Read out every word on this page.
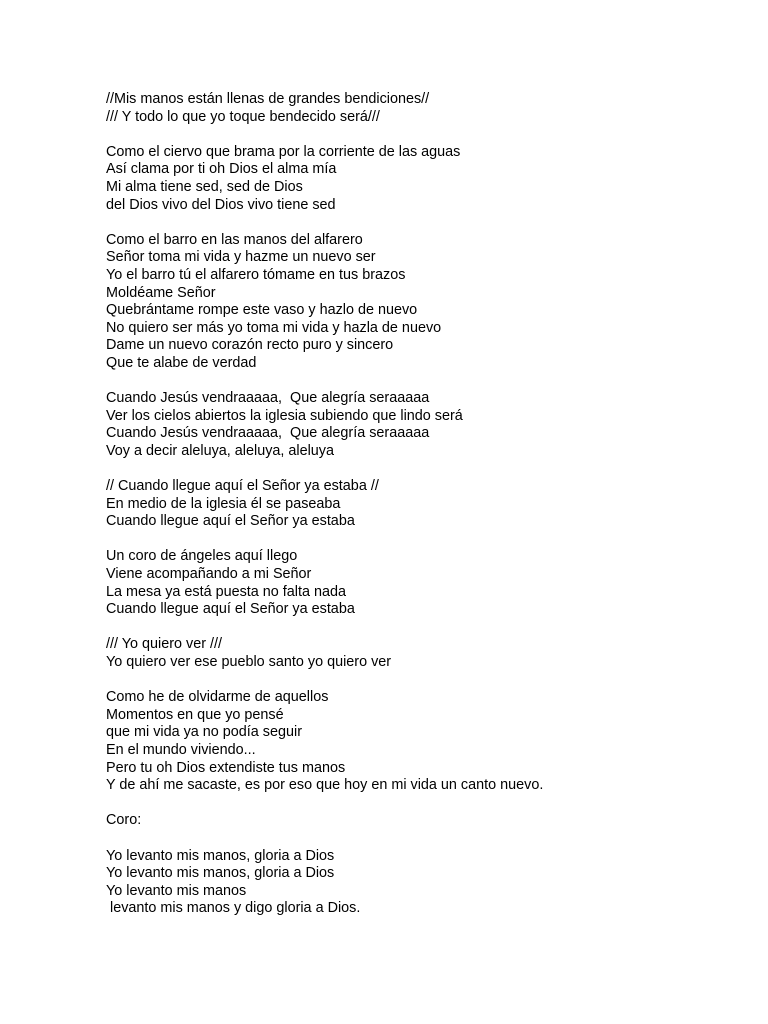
//Mis manos están llenas de grandes bendiciones//
/// Y todo lo que yo toque bendecido será///
Como el ciervo que brama por la corriente de las aguas
Así clama por ti oh Dios el alma mía
Mi alma tiene sed, sed de Dios
del Dios vivo del Dios vivo tiene sed
Como el barro en las manos del alfarero
Señor toma mi vida y hazme un nuevo ser
Yo el barro tú el alfarero tómame en tus brazos
Moldéame Señor
Quebrántame rompe este vaso y hazlo de nuevo
No quiero ser más yo toma mi vida y hazla de nuevo
Dame un nuevo corazón recto puro y sincero
Que te alabe de verdad
Cuando Jesús vendraaaaa,  Que alegría seraaaaa
Ver los cielos abiertos la iglesia subiendo que lindo será
Cuando Jesús vendraaaaa,  Que alegría seraaaaa
Voy a decir aleluya, aleluya, aleluya
// Cuando llegue aquí el Señor ya estaba //
En medio de la iglesia él se paseaba
Cuando llegue aquí el Señor ya estaba
Un coro de ángeles aquí llego
Viene acompañando a mi Señor
La mesa ya está puesta no falta nada
Cuando llegue aquí el Señor ya estaba
/// Yo quiero ver ///
Yo quiero ver ese pueblo santo yo quiero ver
Como he de olvidarme de aquellos
Momentos en que yo pensé
que mi vida ya no podía seguir
En el mundo viviendo...
Pero tu oh Dios extendiste tus manos
Y de ahí me sacaste, es por eso que hoy en mi vida un canto nuevo.
Coro:
Yo levanto mis manos, gloria a Dios
Yo levanto mis manos, gloria a Dios
Yo levanto mis manos
levanto mis manos y digo gloria a Dios.
